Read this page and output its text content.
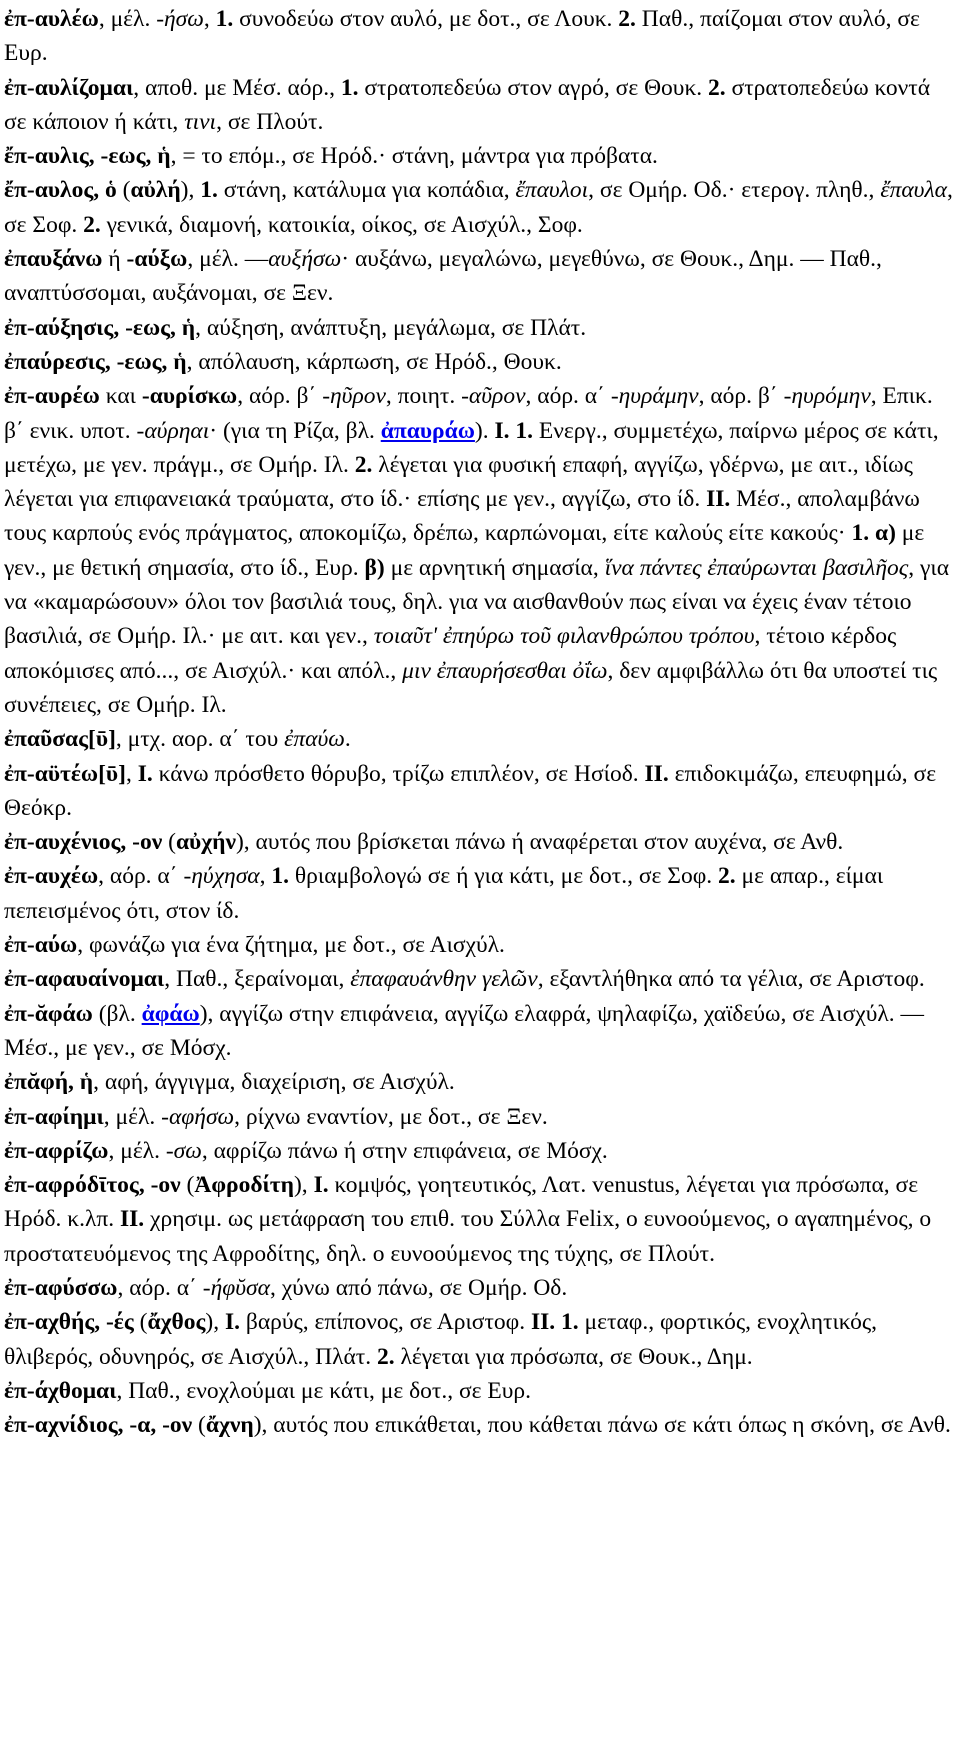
ἐπ-αυλέω, μέλ. -ήσω, 1. συνοδεύω στον αυλό, με δοτ., σε Λουκ. 2. Παθ., παίζομαι στον αυλό, σε Ευρ.

ἐπ-αυλίζομαι, αποθ. με Μέσ. αόρ., 1. στρατοπεδεύω στον αγρό, σε Θουκ. 2. στρατοπεδεύω κοντά σε κάποιον ή κάτι, τινι, σε Πλούτ.

ἔπ-αυλις, -εως, ἡ, = το επόμ., σε Ηρόδ.· στάνη, μάντρα για πρόβατα.

ἔπ-αυλος, ὁ (αὐλή), 1. στάνη, κατάλυμα για κοπάδια, ἔπαυλοι, σε Ομήρ. Οδ.· ετερογ. πληθ., ἔπαυλα, σε Σοφ. 2. γενικά, διαμονή, κατοικία, οίκος, σε Αισχύλ., Σοφ.

ἐπαυξάνω ή -αύξω, μέλ. —αυξήσω· αυξάνω, μεγαλώνω, μεγεθύνω, σε Θουκ., Δημ. — Παθ., αναπτύσσομαι, αυξάνομαι, σε Ξεν.

ἐπ-αύξησις, -εως, ἡ, αύξηση, ανάπτυξη, μεγάλωμα, σε Πλάτ.

ἐπαύρεσις, -εως, ἡ, απόλαυση, κάρπωση, σε Ηρόδ., Θουκ.

ἐπ-αυρέω και -αυρίσκω, αόρ. β΄ -ηῦρον, ποιητ. -αῦρον, αόρ. α΄ -ηυράμην, αόρ. β΄ -ηυρόμην, Επικ. β΄ ενικ. υποτ. -αύρηαι· (για τη Ρίζα, βλ. ἀπαυράω). I. 1. Ενεργ., συμμετέχω, παίρνω μέρος σε κάτι, μετέχω, με γεν. πράγμ., σε Ομήρ. Ιλ. 2. λέγεται για φυσική επαφή, αγγίζω, γδέρνω, με αιτ., ιδίως λέγεται για επιφανειακά τραύματα, στο ίδ.· επίσης με γεν., αγγίζω, στο ίδ. II. Μέσ., απολαμβάνω τους καρπούς ενός πράγματος, αποκομίζω, δρέπω, καρπώνομαι, είτε καλούς είτε κακούς· 1. α) με γεν., με θετική σημασία, στο ίδ., Ευρ. β) με αρνητική σημασία, ἵνα πάντες ἐπαύρωνται βασιλῆος, για να «καμαρώσουν» όλοι τον βασιλιά τους, δηλ. για να αισθανθούν πως είναι να έχεις έναν τέτοιο βασιλιά, σε Ομήρ. Ιλ.· με αιτ. και γεν., τοιαῦτ' ἐπηύρω τοῦ φιλανθρώπου τρόπου, τέτοιο κέρδος αποκόμισες από..., σε Αισχύλ.· και απόλ., μιν ἐπαυρήσεσθαι ὀΐω, δεν αμφιβάλλω ότι θα υποστεί τις συνέπειες, σε Ομήρ. Ιλ.

ἐπαῦσας[ῡ], μτχ. αορ. α΄ του ἐπαύω.

ἐπ-αϋτέω[ῡ], I. κάνω πρόσθετο θόρυβο, τρίζω επιπλέον, σε Ησίοδ. II. επιδοκιμάζω, επευφημώ, σε Θεόκρ.

ἐπ-αυχένιος, -ον (αὐχήν), αυτός που βρίσκεται πάνω ή αναφέρεται στον αυχένα, σε Ανθ.

ἐπ-αυχέω, αόρ. α΄ -ηύχησα, 1. θριαμβολογώ σε ή για κάτι, με δοτ., σε Σοφ. 2. με απαρ., είμαι πεπεισμένος ότι, στον ίδ.

ἐπ-αύω, φωνάζω για ένα ζήτημα, με δοτ., σε Αισχύλ.

ἐπ-αφαυαίνομαι, Παθ., ξεραίνομαι, ἐπαφαυάνθην γελῶν, εξαντλήθηκα από τα γέλια, σε Αριστοφ.

ἐπ-ᾰφάω (βλ. ἀφάω), αγγίζω στην επιφάνεια, αγγίζω ελαφρά, ψηλαφίζω, χαϊδεύω, σε Αισχύλ. — Μέσ., με γεν., σε Μόσχ.

ἐπᾰφή, ἡ, αφή, άγγιγμα, διαχείριση, σε Αισχύλ.

ἐπ-αφίημι, μέλ. -αφήσω, ρίχνω εναντίον, με δοτ., σε Ξεν.

ἐπ-αφρίζω, μέλ. -σω, αφρίζω πάνω ή στην επιφάνεια, σε Μόσχ.

ἐπ-αφρόδῑτος, -ον (Ἀφροδίτη), I. κομψός, γοητευτικός, Λατ. venustus, λέγεται για πρόσωπα, σε Ηρόδ. κ.λπ. II. χρησιμ. ως μετάφραση του επιθ. του Σύλλα Felix, ο ευνοούμενος, ο αγαπημένος, ο προστατευόμενος της Αφροδίτης, δηλ. ο ευνοούμενος της τύχης, σε Πλούτ.

ἐπ-αφύσσω, αόρ. α΄ -ήφῠσα, χύνω από πάνω, σε Ομήρ. Οδ.

ἐπ-αχθής, -ές (ἄχθος), I. βαρύς, επίπονος, σε Αριστοφ. II. 1. μεταφ., φορτικός, ενοχλητικός, θλιβερός, οδυνηρός, σε Αισχύλ., Πλάτ. 2. λέγεται για πρόσωπα, σε Θουκ., Δημ.

ἐπ-άχθομαι, Παθ., ενοχλούμαι με κάτι, με δοτ., σε Ευρ.

ἐπ-αχνίδιος, -α, -ον (ἄχνη), αυτός που επικάθεται, που κάθεται πάνω σε κάτι όπως η σκόνη, σε Ανθ.
